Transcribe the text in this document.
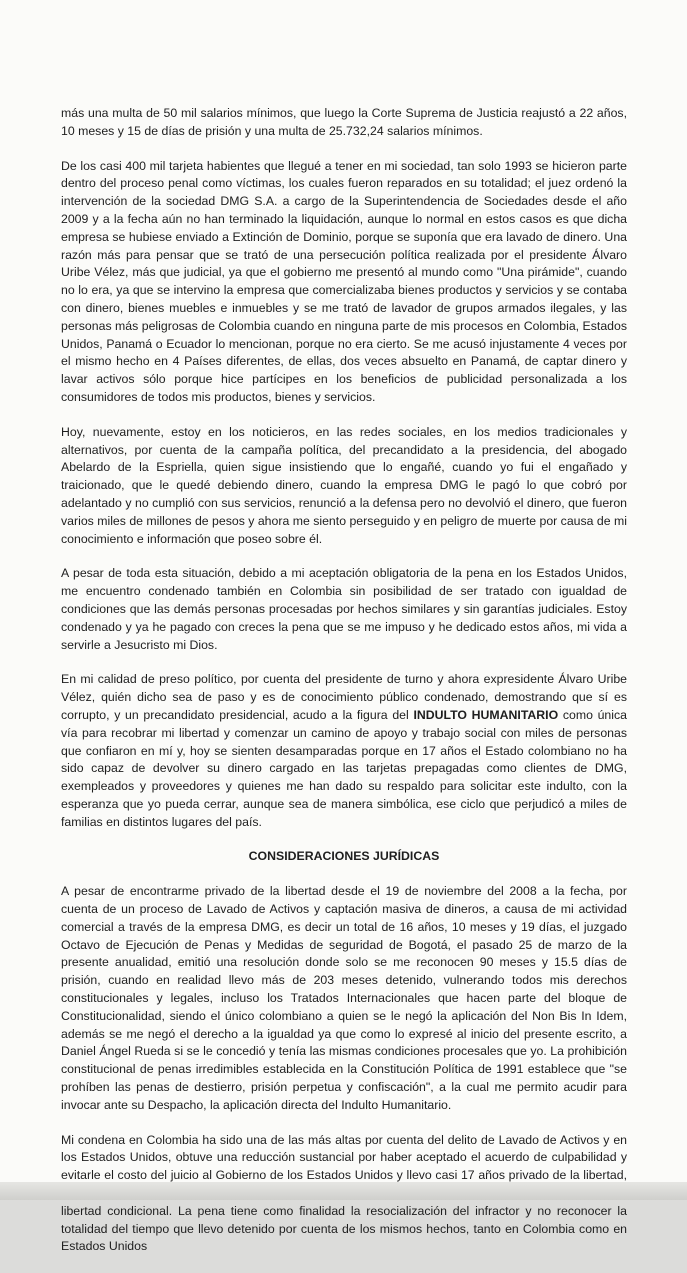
más una multa de 50 mil salarios mínimos, que luego la Corte Suprema de Justicia reajustó a 22 años, 10 meses y 15 de días de prisión y una multa de 25.732,24 salarios mínimos.

De los casi 400 mil tarjeta habientes que llegué a tener en mi sociedad, tan solo 1993 se hicieron parte dentro del proceso penal como víctimas, los cuales fueron reparados en su totalidad; el juez ordenó la intervención de la sociedad DMG S.A. a cargo de la Superintendencia de Sociedades desde el año 2009 y a la fecha aún no han terminado la liquidación, aunque lo normal en estos casos es que dicha empresa se hubiese enviado a Extinción de Dominio, porque se suponía que era lavado de dinero. Una razón más para pensar que se trató de una persecución política realizada por el presidente Álvaro Uribe Vélez, más que judicial, ya que el gobierno me presentó al mundo como "Una pirámide", cuando no lo era, ya que se intervino la empresa que comercializaba bienes productos y servicios y se contaba con dinero, bienes muebles e inmuebles y se me trató de lavador de grupos armados ilegales, y las personas más peligrosas de Colombia cuando en ninguna parte de mis procesos en Colombia, Estados Unidos, Panamá o Ecuador lo mencionan, porque no era cierto. Se me acusó injustamente 4 veces por el mismo hecho en 4 Países diferentes, de ellas, dos veces absuelto en Panamá, de captar dinero y lavar activos sólo porque hice partícipes en los beneficios de publicidad personalizada a los consumidores de todos mis productos, bienes y servicios.

Hoy, nuevamente, estoy en los noticieros, en las redes sociales, en los medios tradicionales y alternativos, por cuenta de la campaña política, del precandidato a la presidencia, del abogado Abelardo de la Espriella, quien sigue insistiendo que lo engañé, cuando yo fui el engañado y traicionado, que le quedé debiendo dinero, cuando la empresa DMG le pagó lo que cobró por adelantado y no cumplió con sus servicios, renunció a la defensa pero no devolvió el dinero, que fueron varios miles de millones de pesos y ahora me siento perseguido y en peligro de muerte por causa de mi conocimiento e información que poseo sobre él.

A pesar de toda esta situación, debido a mi aceptación obligatoria de la pena en los Estados Unidos, me encuentro condenado también en Colombia sin posibilidad de ser tratado con igualdad de condiciones que las demás personas procesadas por hechos similares y sin garantías judiciales. Estoy condenado y ya he pagado con creces la pena que se me impuso y he dedicado estos años, mi vida a servirle a Jesucristo mi Dios.

En mi calidad de preso político, por cuenta del presidente de turno y ahora expresidente Álvaro Uribe Vélez, quién dicho sea de paso y es de conocimiento público condenado, demostrando que sí es corrupto, y un precandidato presidencial, acudo a la figura del INDULTO HUMANITARIO como única vía para recobrar mi libertad y comenzar un camino de apoyo y trabajo social con miles de personas que confiaron en mí y, hoy se sienten desamparadas porque en 17 años el Estado colombiano no ha sido capaz de devolver su dinero cargado en las tarjetas prepagadas como clientes de DMG, exempleados y proveedores y quienes me han dado su respaldo para solicitar este indulto, con la esperanza que yo pueda cerrar, aunque sea de manera simbólica, ese ciclo que perjudicó a miles de familias en distintos lugares del país.

CONSIDERACIONES JURÍDICAS

A pesar de encontrarme privado de la libertad desde el 19 de noviembre del 2008 a la fecha, por cuenta de un proceso de Lavado de Activos y captación masiva de dineros, a causa de mi actividad comercial a través de la empresa DMG, es decir un total de 16 años, 10 meses y 19 días, el juzgado Octavo de Ejecución de Penas y Medidas de seguridad de Bogotá, el pasado 25 de marzo de la presente anualidad, emitió una resolución donde solo se me reconocen 90 meses y 15.5 días de prisión, cuando en realidad llevo más de 203 meses detenido, vulnerando todos mis derechos constitucionales y legales, incluso los Tratados Internacionales que hacen parte del bloque de Constitucionalidad, siendo el único colombiano a quien se le negó la aplicación del Non Bis In Idem, además se me negó el derecho a la igualdad ya que como lo expresé al inicio del presente escrito, a Daniel Ángel Rueda si se le concedió y tenía las mismas condiciones procesales que yo. La prohibición constitucional de penas irredimibles establecida en la Constitución Política de 1991 establece que "se prohíben las penas de destierro, prisión perpetua y confiscación", a la cual me permito acudir para invocar ante su Despacho, la aplicación directa del Indulto Humanitario.

Mi condena en Colombia ha sido una de las más altas por cuenta del delito de Lavado de Activos y en los Estados Unidos, obtuve una reducción sustancial por haber aceptado el acuerdo de culpabilidad y evitarle el costo del juicio al Gobierno de los Estados Unidos y llevo casi 17 años privado de la libertad, libertad condicional. La pena tiene como finalidad la resocialización del infractor y no reconocer la totalidad del tiempo que llevo detenido por cuenta de los mismos hechos, tanto en Colombia como en Estados Unidos
